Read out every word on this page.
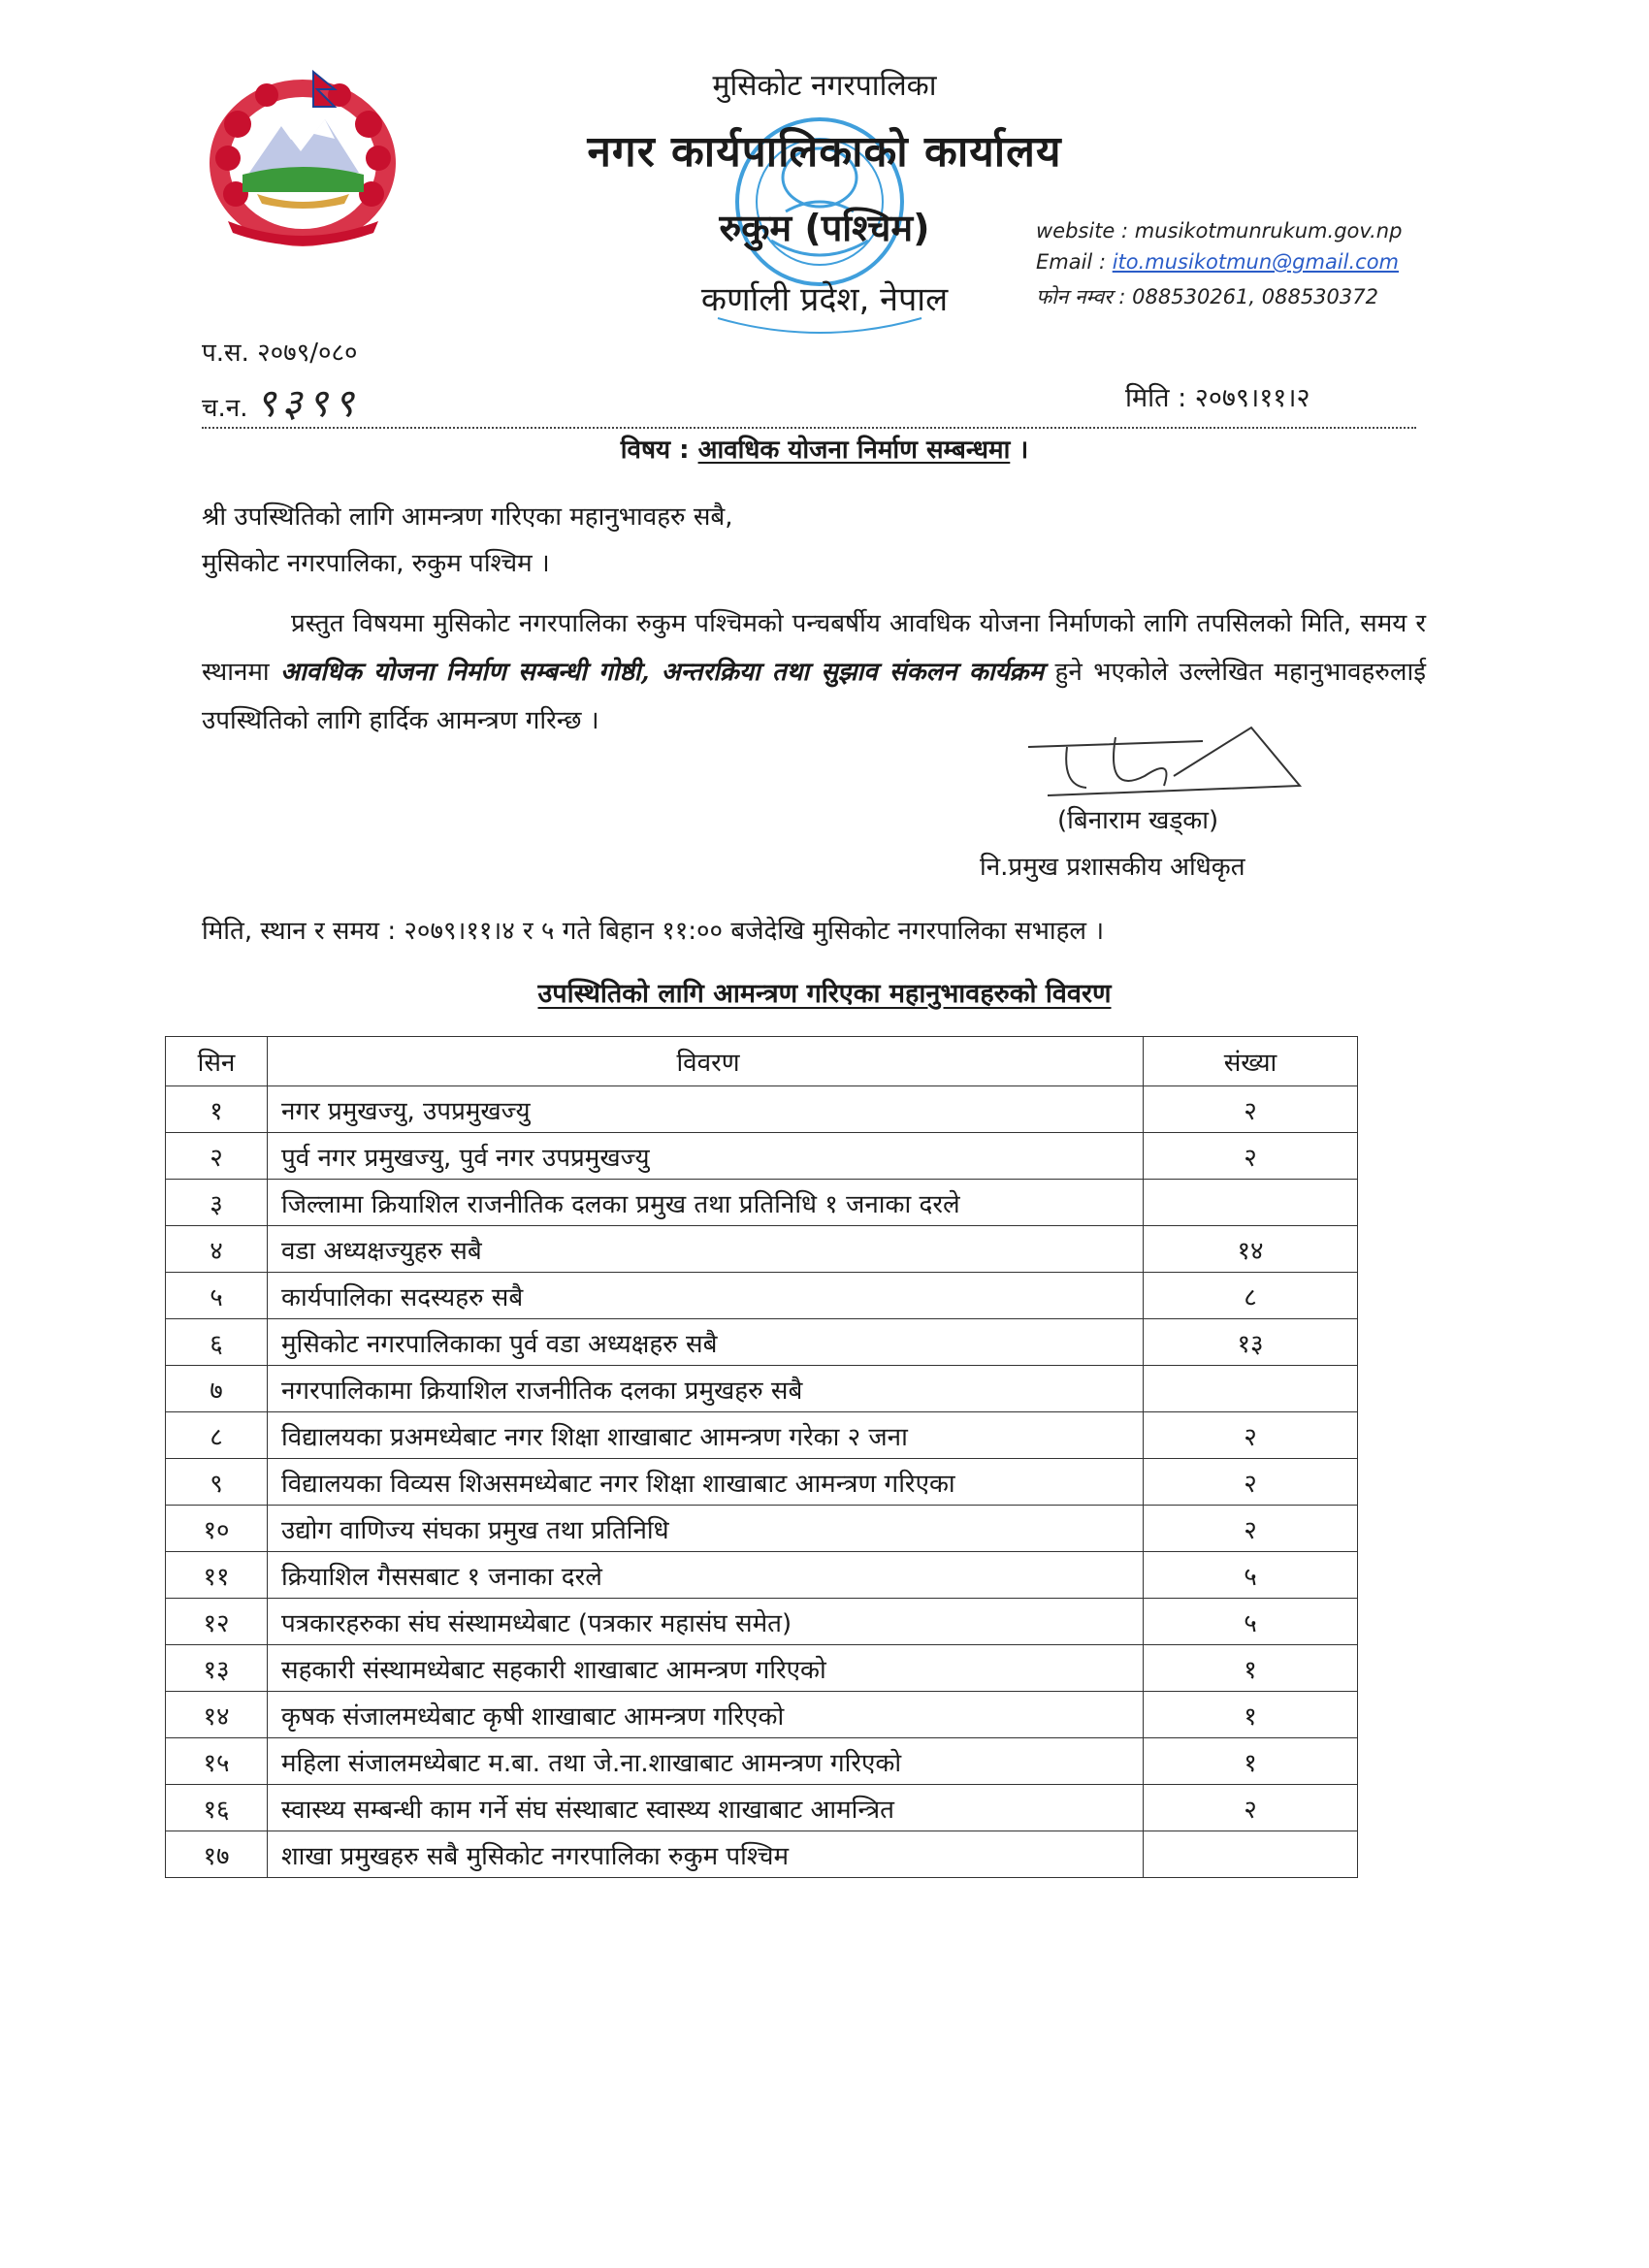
मुसिकोट नगरपालिका
नगर कार्यपालिकाको कार्यालय
रुकुम (पश्चिम)
कर्णाली प्रदेश, नेपाल
website : musikotmunrukum.gov.np
Email : ito.musikotmun@gmail.com
फोन नम्वर : 088530261, 088530372
प.स. २०७९/०८०
च.न. ९३९९	मिति : २०७९।११।२
विषय : आवधिक योजना निर्माण सम्बन्धमा ।
श्री उपस्थितिको लागि आमन्त्रण गरिएका महानुभावहरु सबै,
मुसिकोट नगरपालिका, रुकुम पश्चिम ।
प्रस्तुत विषयमा मुसिकोट नगरपालिका रुकुम पश्चिमको पन्चबर्षीय आवधिक योजना निर्माणको लागि तपसिलको मिति, समय र स्थानमा आवधिक योजना निर्माण सम्बन्धी गोष्ठी, अन्तरक्रिया तथा सुझाव संकलन कार्यक्रम हुने भएकोले उल्लेखित महानुभावहरुलाई उपस्थितिको लागि हार्दिक आमन्त्रण गरिन्छ ।
(बिनाराम खड्का)
नि.प्रमुख प्रशासकीय अधिकृत
मिति, स्थान र समय : २०७९।११।४ र ५ गते बिहान ११:०० बजेदेखि मुसिकोट नगरपालिका सभाहल ।
उपस्थितिको लागि आमन्त्रण गरिएका महानुभावहरुको विवरण
सिन	विवरण	संख्या
१	नगर प्रमुखज्यु, उपप्रमुखज्यु	२
२	पुर्व नगर प्रमुखज्यु, पुर्व नगर उपप्रमुखज्यु	२
३	जिल्लामा क्रियाशिल राजनीतिक दलका प्रमुख तथा प्रतिनिधि १ जनाका दरले	
४	वडा अध्यक्षज्युहरु सबै	१४
५	कार्यपालिका सदस्यहरु सबै	८
६	मुसिकोट नगरपालिकाका पुर्व वडा अध्यक्षहरु सबै	१३
७	नगरपालिकामा क्रियाशिल राजनीतिक दलका प्रमुखहरु सबै	
८	विद्यालयका प्रअमध्येबाट नगर शिक्षा शाखाबाट आमन्त्रण गरेका २ जना	२
९	विद्यालयका विव्यस शिअसमध्येबाट नगर शिक्षा शाखाबाट आमन्त्रण गरिएका	२
१०	उद्योग वाणिज्य संघका प्रमुख तथा प्रतिनिधि	२
११	क्रियाशिल गैससबाट १ जनाका दरले	५
१२	पत्रकारहरुका संघ संस्थामध्येबाट (पत्रकार महासंघ समेत)	५
१३	सहकारी संस्थामध्येबाट सहकारी शाखाबाट आमन्त्रण गरिएको	१
१४	कृषक संजालमध्येबाट कृषी शाखाबाट आमन्त्रण गरिएको	१
१५	महिला संजालमध्येबाट म.बा. तथा जे.ना.शाखाबाट आमन्त्रण गरिएको	१
१६	स्वास्थ्य सम्बन्धी काम गर्ने संघ संस्थाबाट स्वास्थ्य शाखाबाट आमन्त्रित	२
१७	शाखा प्रमुखहरु सबै मुसिकोट नगरपालिका रुकुम पश्चिम	
